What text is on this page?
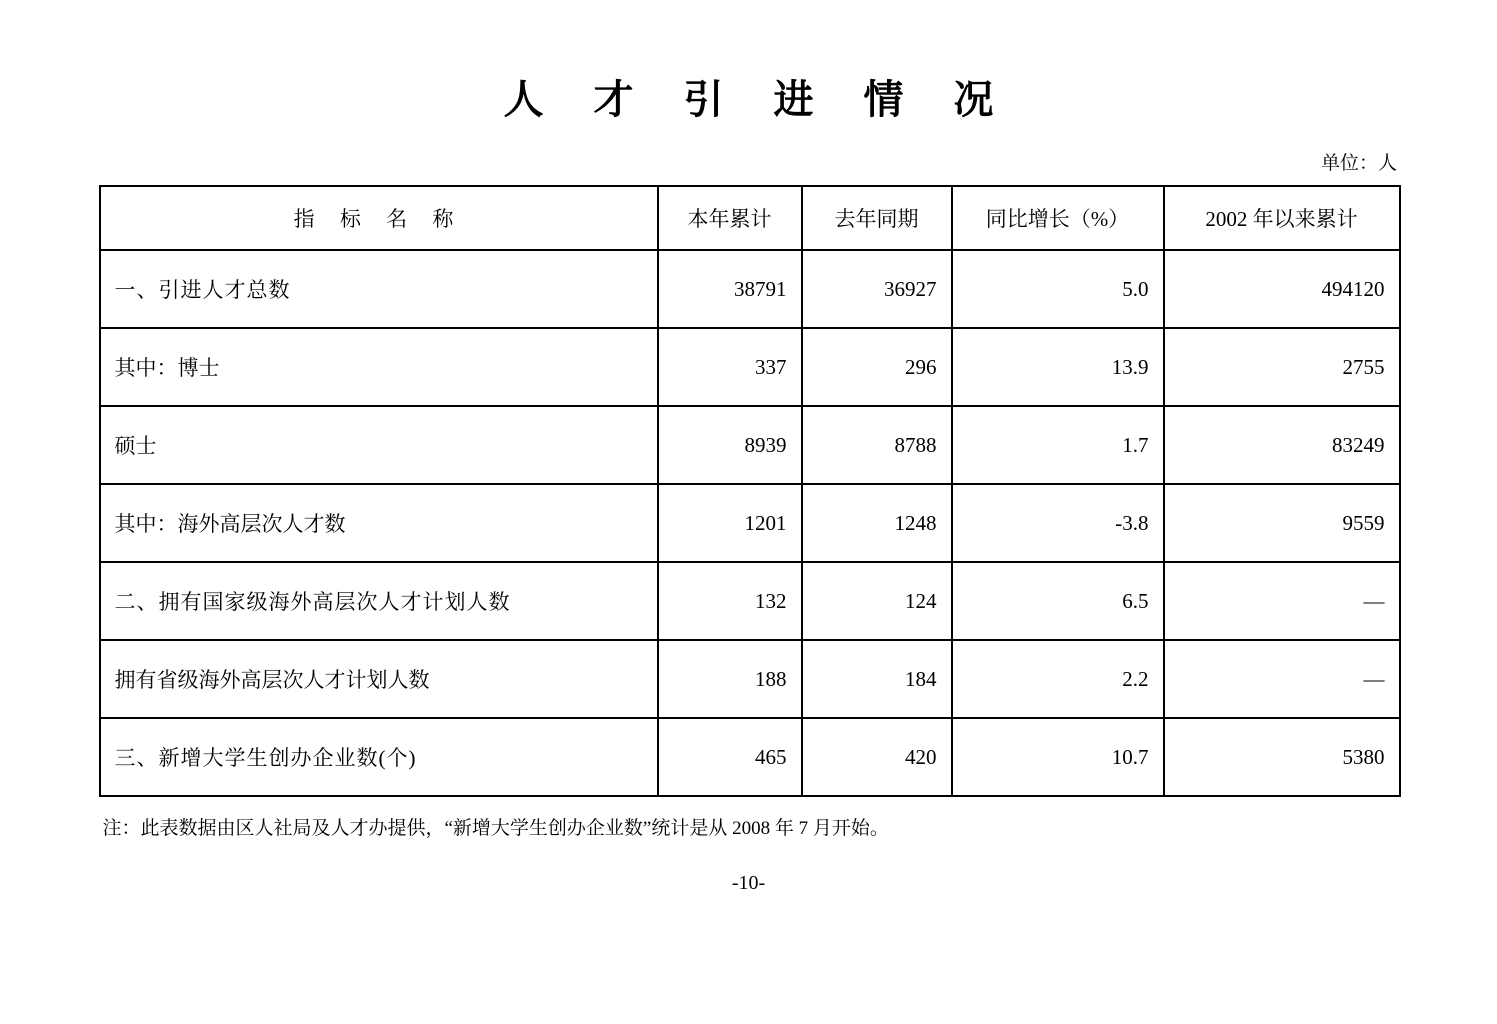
人 才 引 进 情 况
单位：人
指 标 名 称	本年累计	去年同期	同比增长（%）	2002 年以来累计
一、引进人才总数	38791	36927	5.0	494120
其中：博士	337	296	13.9	2755
硕士	8939	8788	1.7	83249
其中：海外高层次人才数	1201	1248	-3.8	9559
二、拥有国家级海外高层次人才计划人数	132	124	6.5	—
拥有省级海外高层次人才计划人数	188	184	2.2	—
三、新增大学生创办企业数(个)	465	420	10.7	5380
注：此表数据由区人社局及人才办提供，“新增大学生创办企业数”统计是从 2008 年 7 月开始。
-10-
